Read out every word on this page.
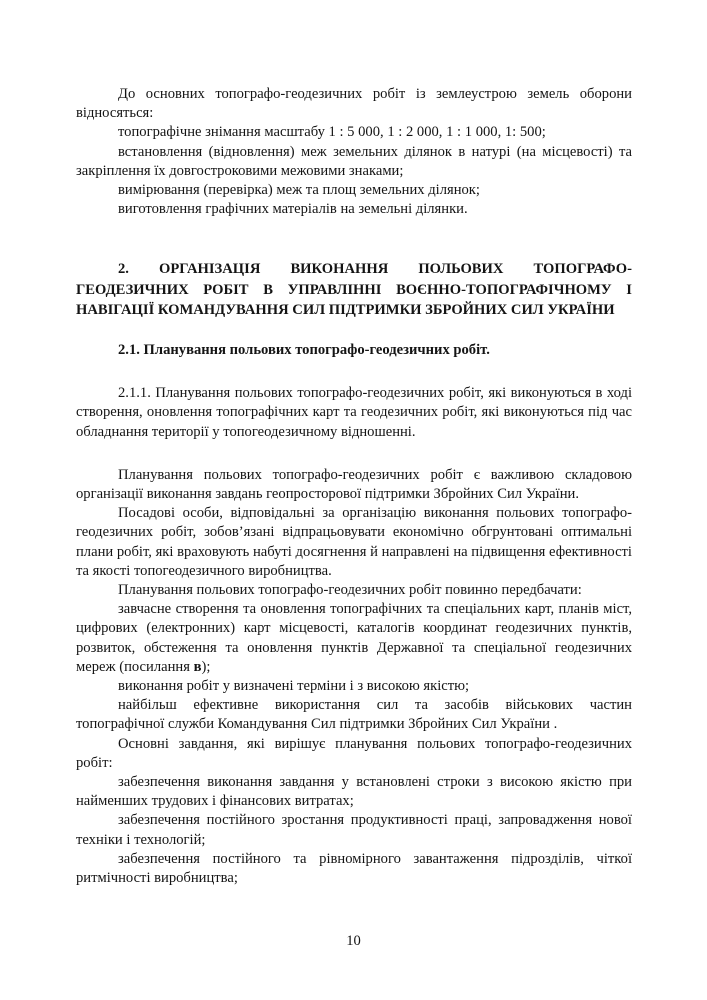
До основних топографо-геодезичних робіт із землеустрою земель оборони відносяться:

топографічне знімання масштабу 1 : 5 000, 1 : 2 000, 1 : 1 000, 1: 500;

встановлення (відновлення) меж земельних ділянок в натурі (на місцевості) та закріплення їх довгостроковими межовими знаками;

вимірювання (перевірка) меж та площ земельних ділянок;

виготовлення графічних матеріалів на земельні ділянки.

2. ОРГАНІЗАЦІЯ ВИКОНАННЯ ПОЛЬОВИХ ТОПОГРАФО-ГЕОДЕЗИЧНИХ РОБІТ В УПРАВЛІННІ ВОЄННО-ТОПОГРАФІЧНОМУ І НАВІГАЦІЇ КОМАНДУВАННЯ СИЛ ПІДТРИМКИ ЗБРОЙНИХ СИЛ УКРАЇНИ

2.1. Планування польових топографо-геодезичних робіт.

2.1.1. Планування польових топографо-геодезичних робіт, які виконуються в ході створення, оновлення топографічних карт та геодезичних робіт, які виконуються під час обладнання території у топогеодезичному відношенні.

Планування польових топографо-геодезичних робіт є важливою складовою організації виконання завдань геопросторової підтримки Збройних Сил України.

Посадові особи, відповідальні за організацію виконання польових топографо-геодезичних робіт, зобов’язані відпрацьовувати економічно обгрунтовані оптимальні плани робіт, які враховують набуті досягнення й направлені на підвищення ефективності та якості топогеодезичного виробництва.

Планування польових топографо-геодезичних робіт повинно передбачати:

завчасне створення та оновлення топографічних та спеціальних карт, планів міст, цифрових (електронних) карт місцевості, каталогів координат геодезичних пунктів, розвиток, обстеження та оновлення пунктів Державної та спеціальної геодезичних мереж (посилання в);

виконання робіт у визначені терміни і з високою якістю;

найбільш ефективне використання сил та засобів військових частин топографічної служби Командування Сил підтримки Збройних Сил України .

Основні завдання, які вирішує планування польових топографо-геодезичних робіт:

забезпечення виконання завдання у встановлені строки з високою якістю при найменших трудових і фінансових витратах;

забезпечення постійного зростання продуктивності праці, запровадження нової техніки і технологій;

забезпечення постійного та рівномірного завантаження підрозділів, чіткої ритмічності виробництва;

10
